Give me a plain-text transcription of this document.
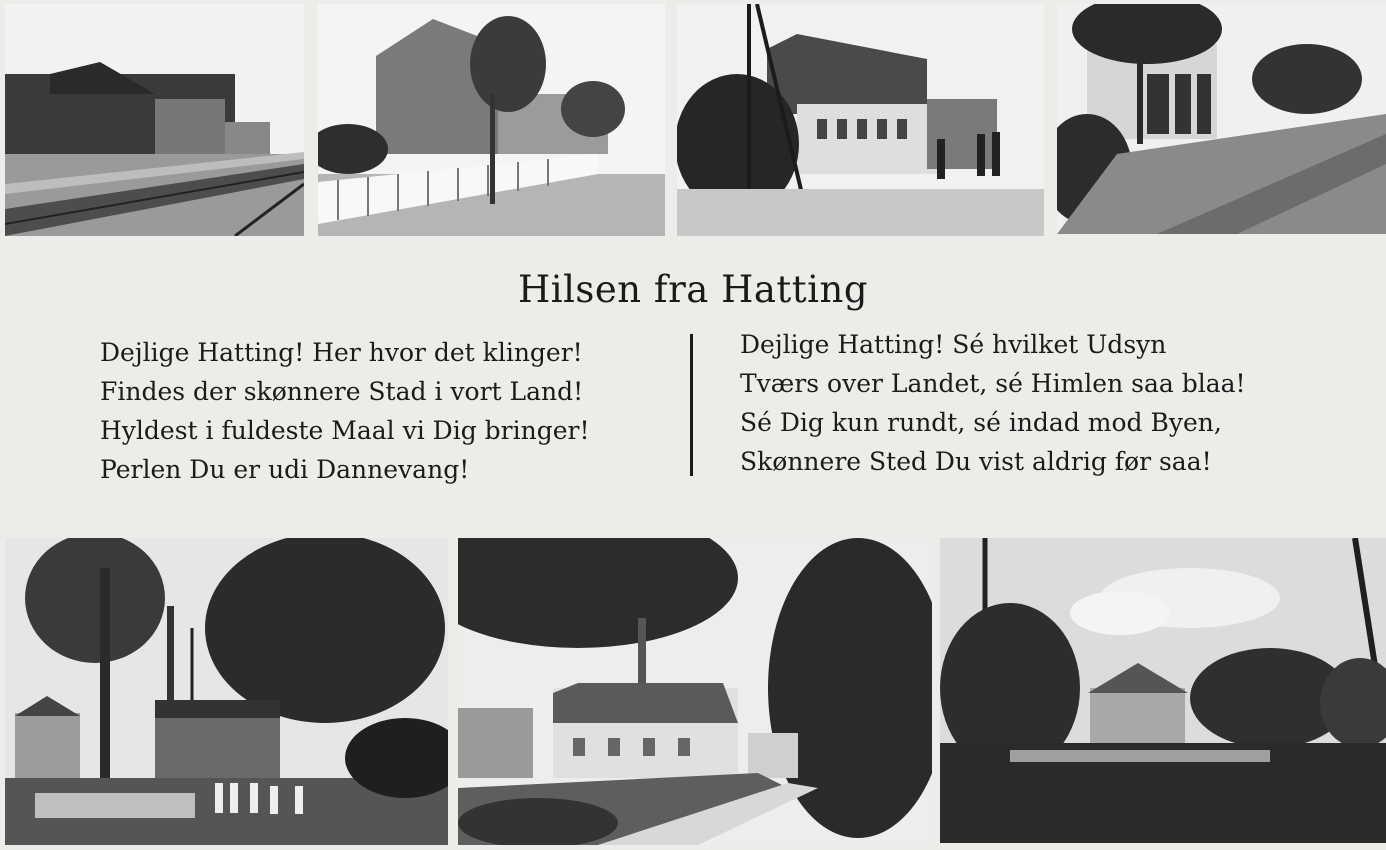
Hilsen fra Hatting
Dejlige Hatting! Her hvor det klinger!
Findes der skønnere Stad i vort Land!
Hyldest i fuldeste Maal vi Dig bringer!
Perlen Du er udi Dannevang!
Dejlige Hatting! Sé hvilket Udsyn
Tværs over Landet, sé Himlen saa blaa!
Sé Dig kun rundt, sé indad mod Byen,
Skønnere Sted Du vist aldrig før saa!
